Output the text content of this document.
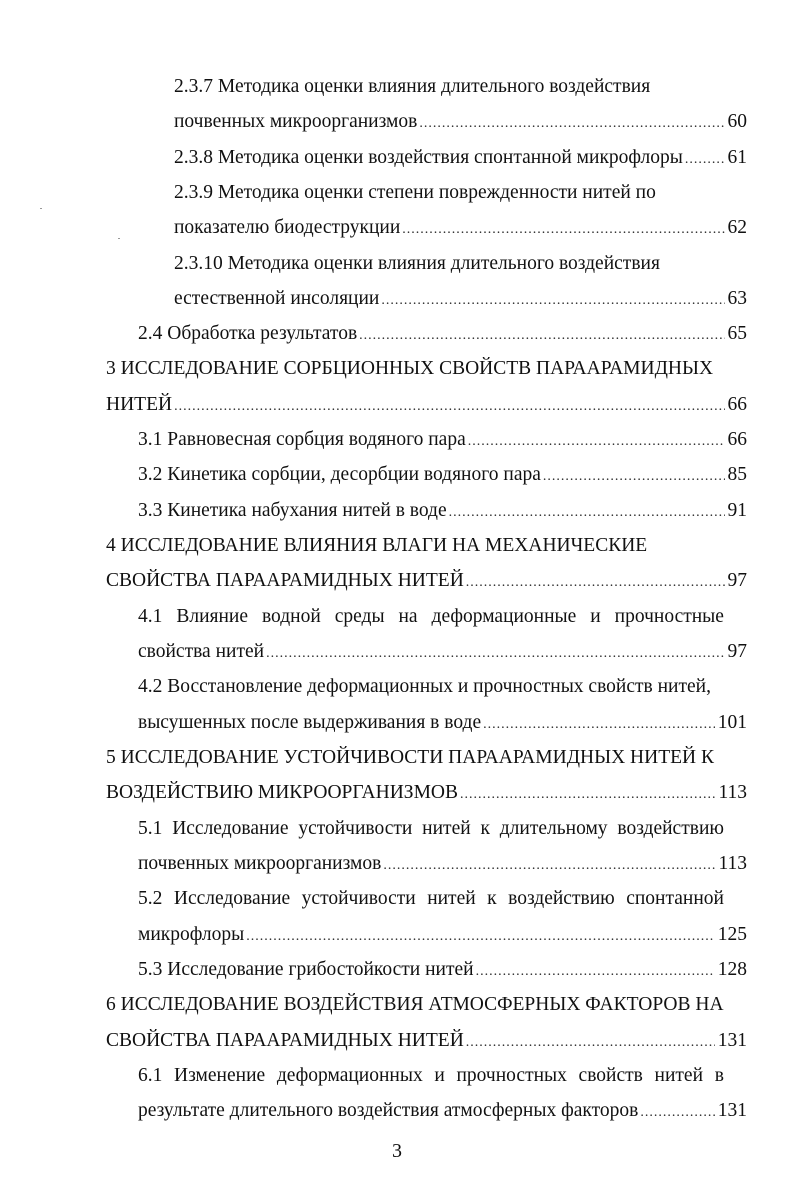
2.3.7 Методика оценки влияния длительного воздействия
почвенных микроорганизмов .....	60
2.3.8 Методика оценки воздействия спонтанной микрофлоры ..... 61
2.3.9 Методика оценки степени поврежденности нитей по
показателю биодеструкции .....	62
2.3.10 Методика оценки влияния длительного воздействия
естественной инсоляции .....	63
2.4 Обработка результатов .....	65
3 ИССЛЕДОВАНИЕ СОРБЦИОННЫХ СВОЙСТВ ПАРААРАМИДНЫХ
НИТЕЙ .....	66
3.1 Равновесная сорбция водяного пара .....	66
3.2 Кинетика сорбции, десорбции водяного пара .....	85
3.3 Кинетика набухания нитей в воде .....	91
4 ИССЛЕДОВАНИЕ ВЛИЯНИЯ ВЛАГИ НА МЕХАНИЧЕСКИЕ
СВОЙСТВА ПАРААРАМИДНЫХ НИТЕЙ .....	97
4.1 Влияние водной среды на деформационные и прочностные
свойства нитей .....	97
4.2 Восстановление деформационных и прочностных свойств нитей,
высушенных после выдерживания в воде .....	101
5 ИССЛЕДОВАНИЕ УСТОЙЧИВОСТИ ПАРААРАМИДНЫХ НИТЕЙ К
ВОЗДЕЙСТВИЮ МИКРООРГАНИЗМОВ .....	113
5.1 Исследование устойчивости нитей к длительному воздействию
почвенных микроорганизмов .....	113
5.2 Исследование устойчивости нитей к воздействию спонтанной
микрофлоры .....	125
5.3 Исследование грибостойкости нитей .....	128
6 ИССЛЕДОВАНИЕ ВОЗДЕЙСТВИЯ АТМОСФЕРНЫХ ФАКТОРОВ НА
СВОЙСТВА ПАРААРАМИДНЫХ НИТЕЙ .....	131
6.1 Изменение деформационных и прочностных свойств нитей в
результате длительного воздействия атмосферных факторов .....	131
3
